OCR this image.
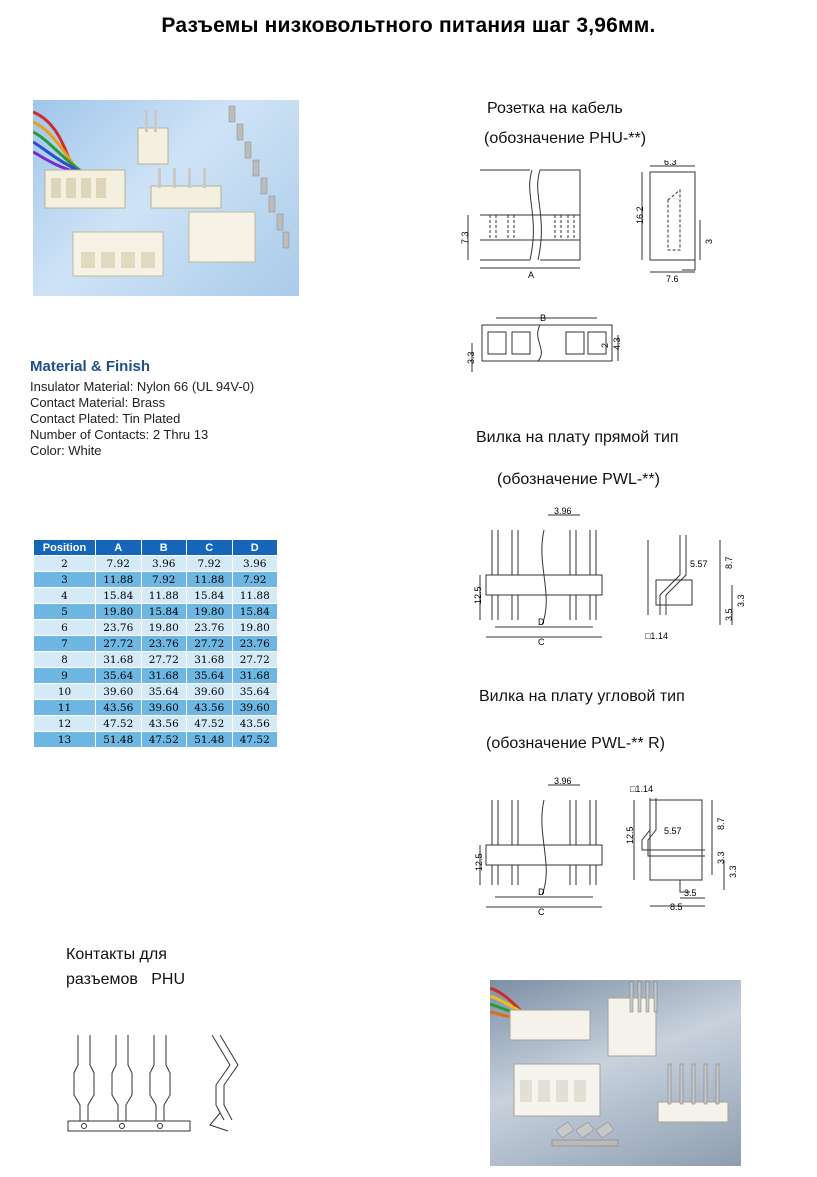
Разъемы низковольтного питания шаг 3,96мм.
Material & Finish
Insulator Material: Nylon 66 (UL 94V-0)
Contact Material: Brass
Contact Plated: Tin Plated
Number of Contacts: 2 Thru 13
Color: White
Position	A	B	C	D
2	7.92	3.96	7.92	3.96
3	11.88	7.92	11.88	7.92
4	15.84	11.88	15.84	11.88
5	19.80	15.84	19.80	15.84
6	23.76	19.80	23.76	19.80
7	27.72	23.76	27.72	23.76
8	31.68	27.72	31.68	27.72
9	35.64	31.68	35.64	31.68
10	39.60	35.64	39.60	35.64
11	43.56	39.60	43.56	39.60
12	47.52	43.56	47.52	43.56
13	51.48	47.52	51.48	47.52
Розетка на кабель
(обозначение PHU-**)
7.3
A
6.3
16.2
3
7.6
B
3.3
2 4.3
Вилка на плату прямой тип
(обозначение PWL-**)
3.96
12.5
D
C
5.57 8.7
3.3
3.5
□1.14
Вилка на плату угловой тип
(обозначение PWL-** R)
3.96
12.5
D
C
□1.14
5.57
12.5
8.7
3.3
3.3
3.5
8.5
Контакты для
разъемов   PHU
